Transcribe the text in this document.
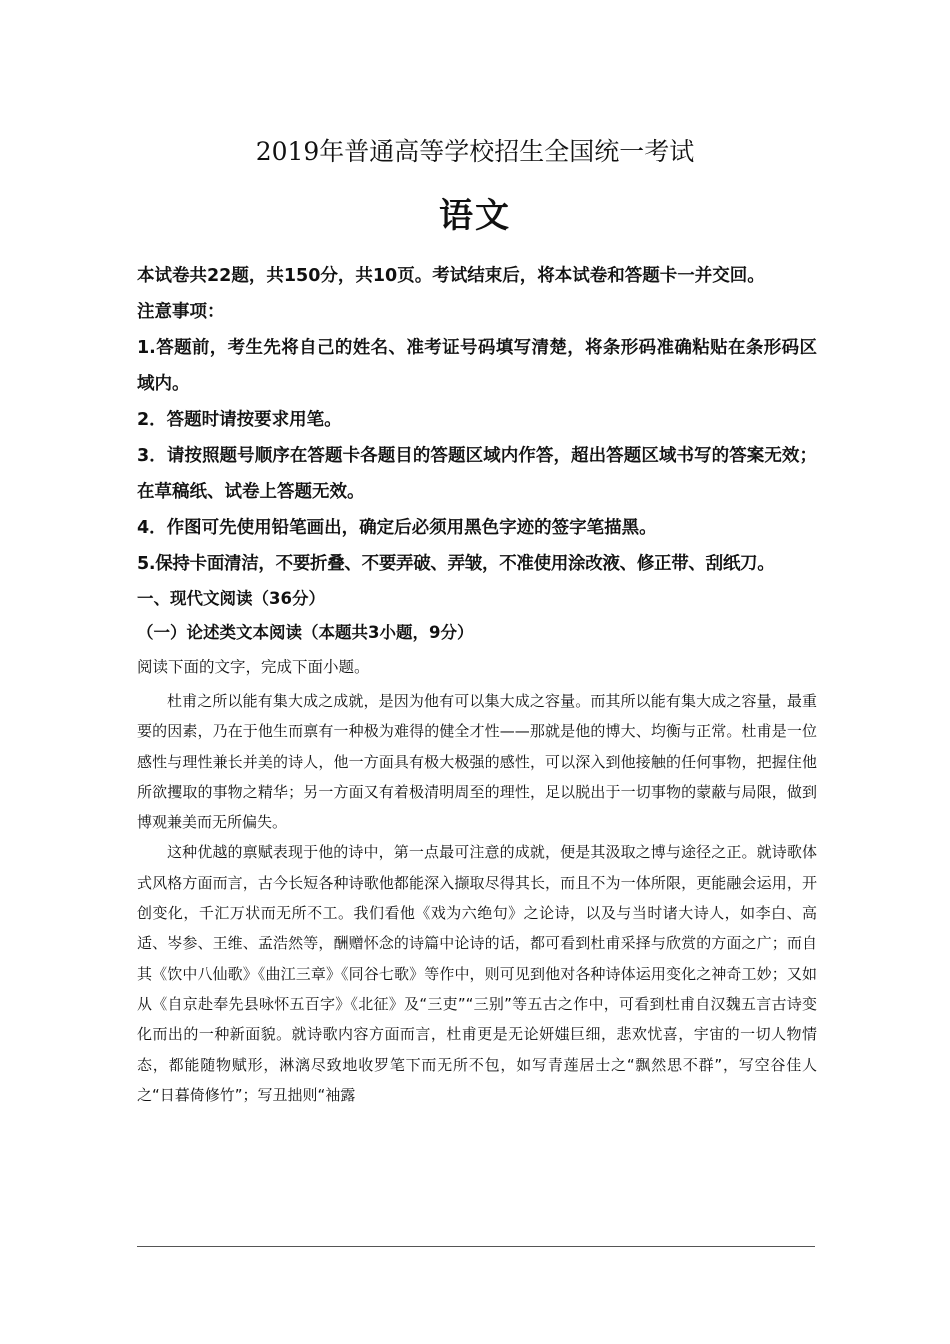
2019年普通高等学校招生全国统一考试
语文
本试卷共22题，共150分，共10页。考试结束后，将本试卷和答题卡一并交回。
注意事项：
1.答题前，考生先将自己的姓名、准考证号码填写清楚，将条形码准确粘贴在条形码区域内。
2．答题时请按要求用笔。
3．请按照题号顺序在答题卡各题目的答题区域内作答，超出答题区域书写的答案无效；在草稿纸、试卷上答题无效。
4．作图可先使用铅笔画出，确定后必须用黑色字迹的签字笔描黑。
5.保持卡面清洁，不要折叠、不要弄破、弄皱，不准使用涂改液、修正带、刮纸刀。
一、现代文阅读（36分）
（一）论述类文本阅读（本题共3小题，9分）
阅读下面的文字，完成下面小题。

杜甫之所以能有集大成之成就，是因为他有可以集大成之容量。而其所以能有集大成之容量，最重要的因素，乃在于他生而禀有一种极为难得的健全才性——那就是他的博大、均衡与正常。杜甫是一位感性与理性兼长并美的诗人，他一方面具有极大极强的感性，可以深入到他接触的任何事物，把握住他所欲攫取的事物之精华；另一方面又有着极清明周至的理性，足以脱出于一切事物的蒙蔽与局限，做到博观兼美而无所偏失。

这种优越的禀赋表现于他的诗中，第一点最可注意的成就，便是其汲取之博与途径之正。就诗歌体式风格方面而言，古今长短各种诗歌他都能深入撷取尽得其长，而且不为一体所限，更能融会运用，开创变化，千汇万状而无所不工。我们看他《戏为六绝句》之论诗，以及与当时诸大诗人，如李白、高适、岑参、王维、孟浩然等，酬赠怀念的诗篇中论诗的话，都可看到杜甫采择与欣赏的方面之广；而自其《饮中八仙歌》《曲江三章》《同谷七歌》等作中，则可见到他对各种诗体运用变化之神奇工妙；又如从《自京赴奉先县咏怀五百字》《北征》及“三吏”“三别”等五古之作中，可看到杜甫自汉魏五言古诗变化而出的一种新面貌。就诗歌内容方面而言，杜甫更是无论妍媸巨细，悲欢忧喜，宇宙的一切人物情态，都能随物赋形，淋漓尽致地收罗笔下而无所不包，如写青莲居士之“飘然思不群”，写空谷佳人之“日暮倚修竹”；写丑拙则“袖露
